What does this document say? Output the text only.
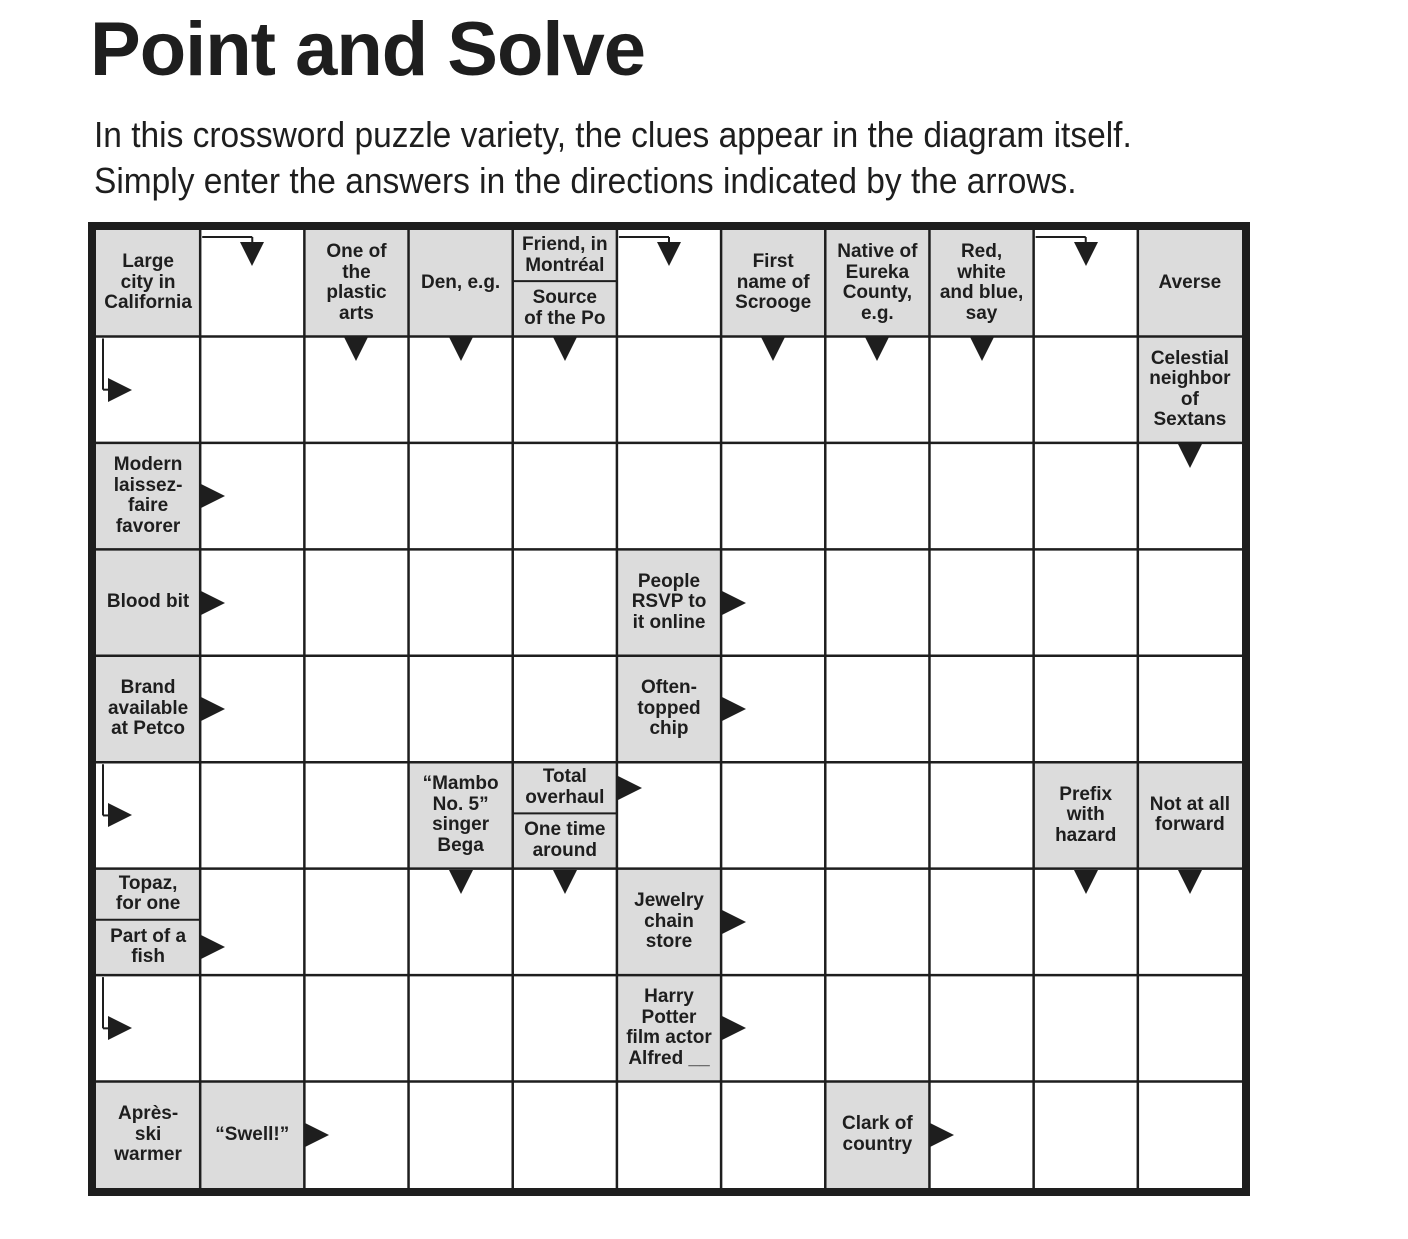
Point and Solve
In this crossword puzzle variety, the clues appear in the diagram itself.
Simply enter the answers in the directions indicated by the arrows.
Large
city in
California
One of
the
plastic
arts
Den, e.g.
Friend, in
Montréal
Source
of the Po
First
name of
Scrooge
Native of
Eureka
County,
e.g.
Red,
white
and blue,
say
Averse
Celestial
neighbor
of
Sextans
Modern
laissez-
faire
favorer
Blood bit
People
RSVP to
it online
Brand
available
at Petco
Often-
topped
chip
“Mambo
No. 5”
singer
Bega
Total
overhaul
One time
around
Prefix
with
hazard
Not at all
forward
Topaz,
for one
Part of a
fish
Jewelry
chain
store
Harry
Potter
film actor
Alfred __
Après-
ski
warmer
“Swell!”	Clark of
country
